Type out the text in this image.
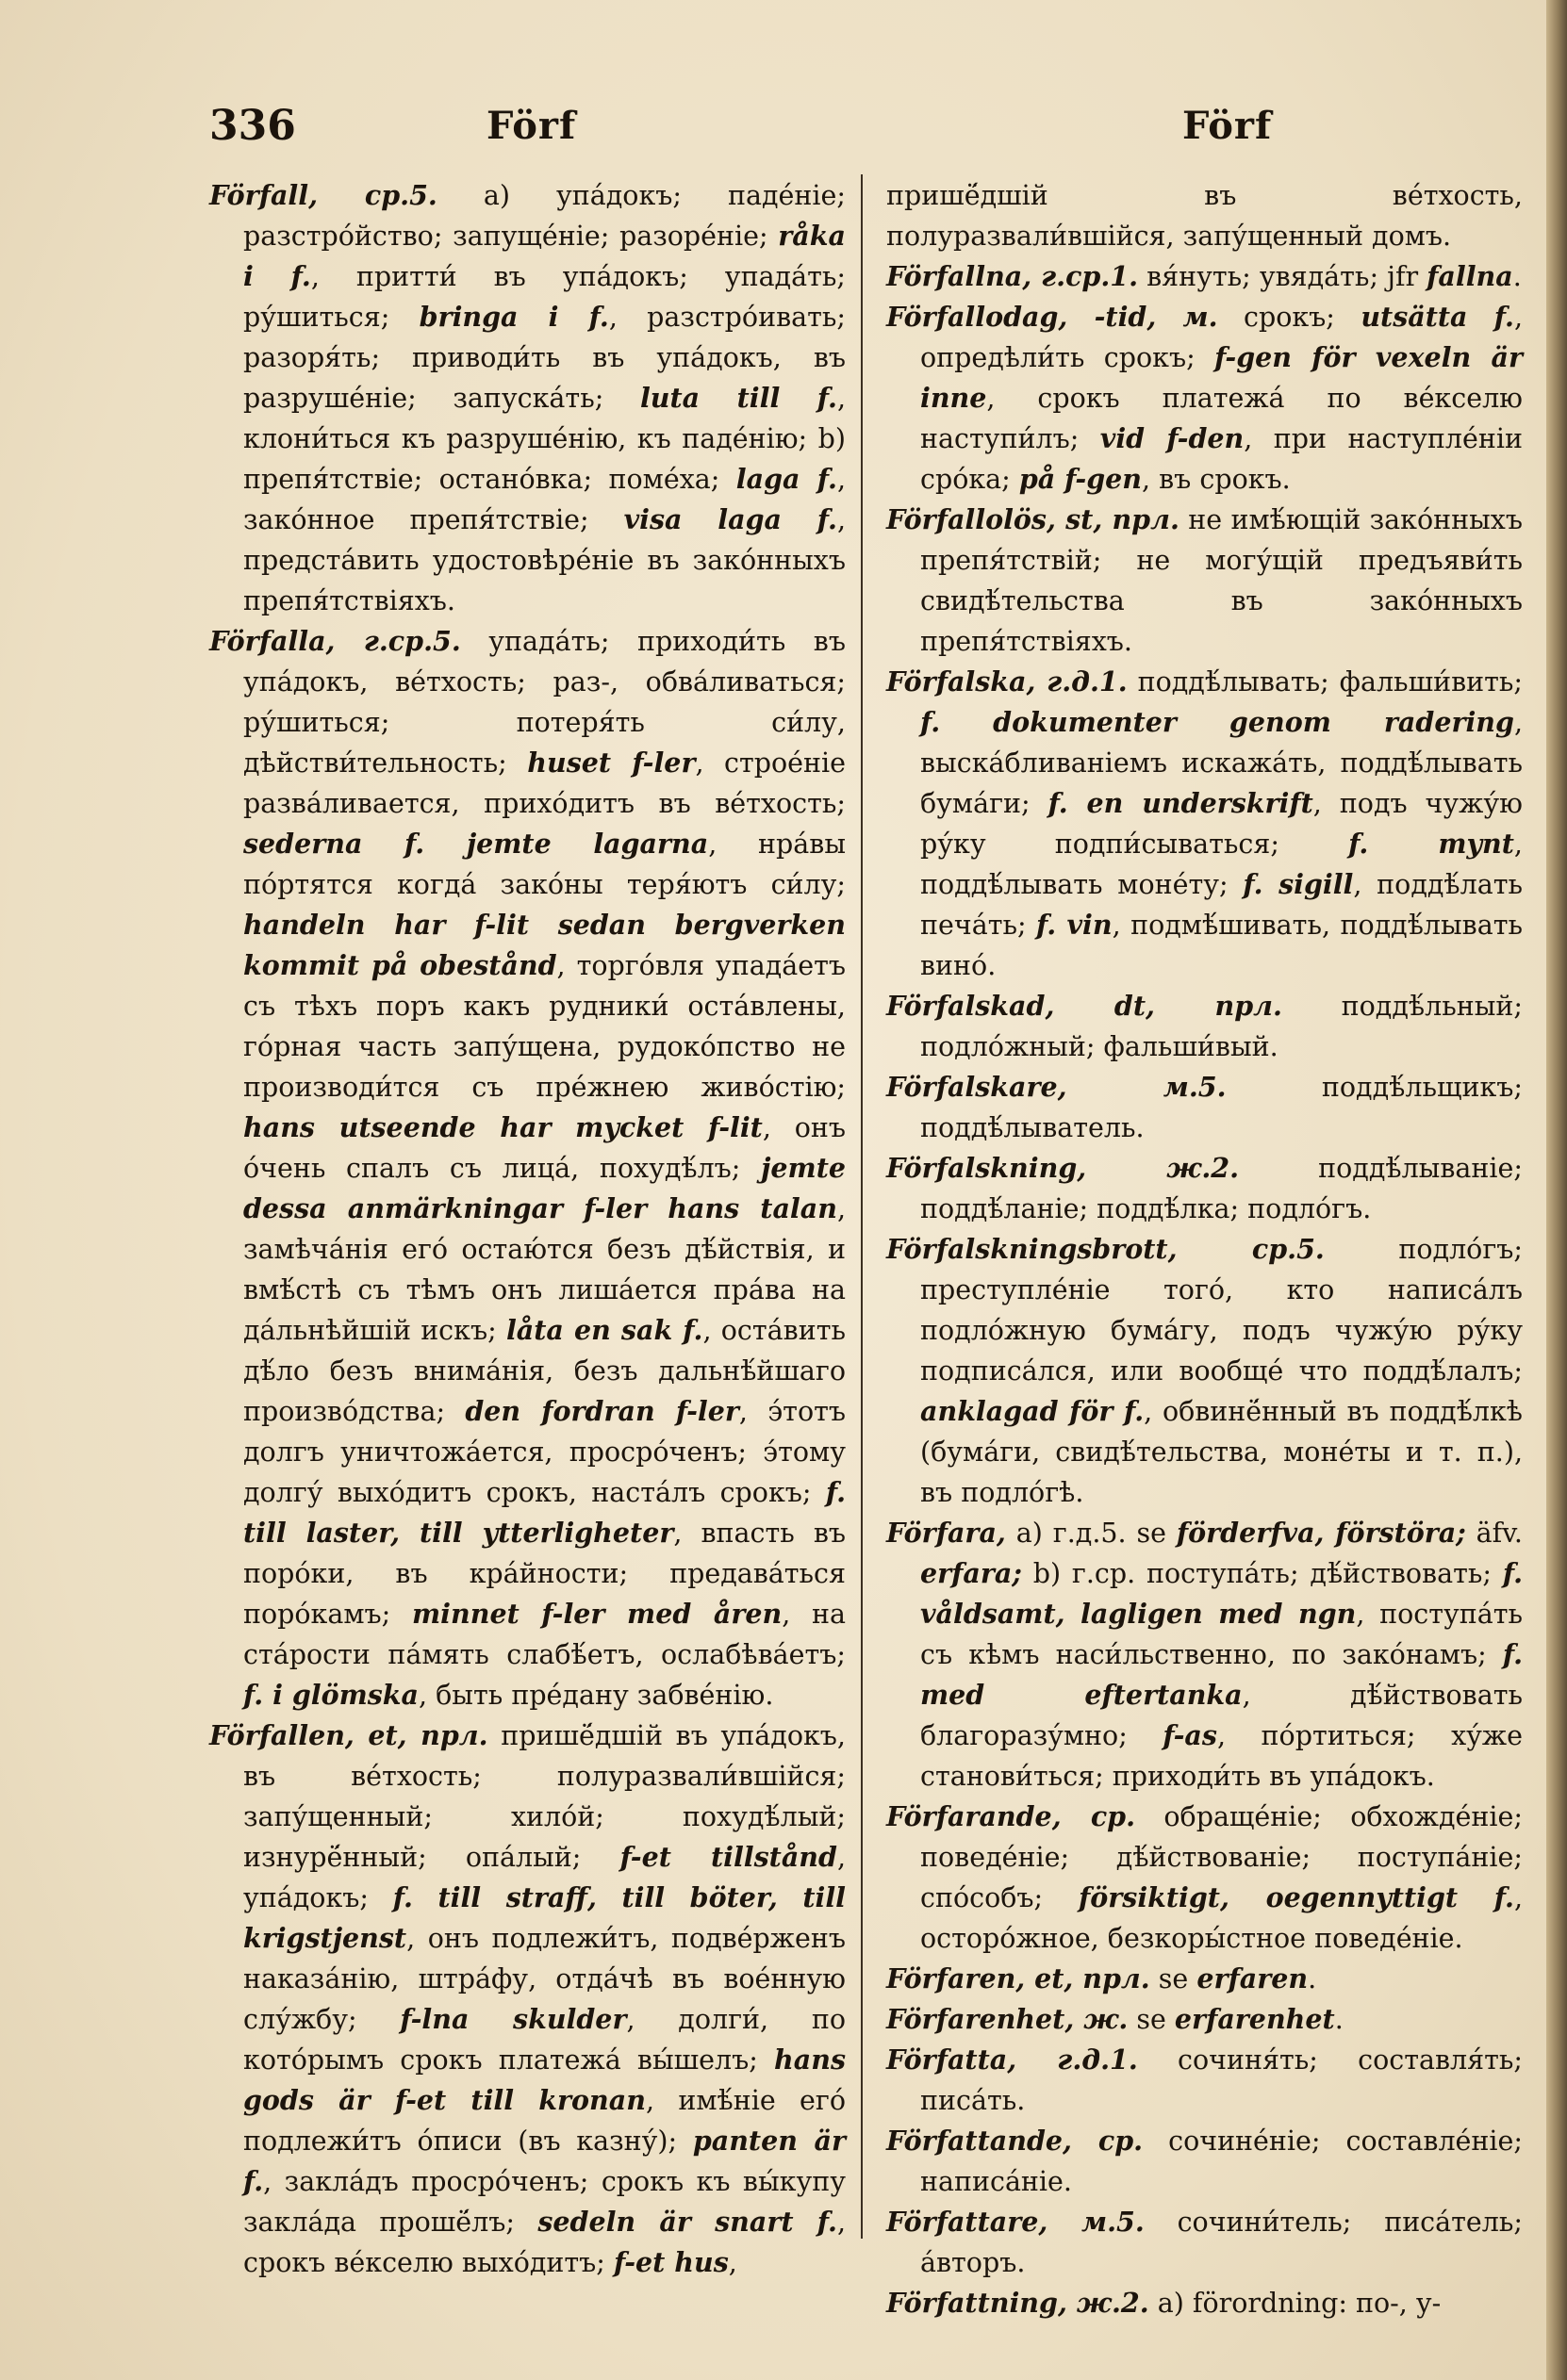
336	Förf	Förf

Förfall, ср.5. а) упа́докъ; паде́ніе; разстро́йство; запуще́ніе; разоре́ніе; råka i f., притти́ въ упа́докъ; упада́ть; ру́шиться; bringa i f., разстро́ивать; разоря́ть; приводи́ть въ упа́докъ, въ разруше́ніе; запуска́ть; luta till f., клони́ться къ разруше́нію, къ паде́нію; b) препя́тствіе; остано́вка; поме́ха; laga f., зако́нное препя́тствіе; visa laga f., предста́вить удостовѣре́ніе въ зако́нныхъ препя́тствіяхъ.

Förfalla, г.ср.5. упада́ть; приходи́ть въ упа́докъ, ве́тхость; раз-, обва́ливаться; ру́шиться; потеря́ть си́лу, дѣйстви́тельность; huset f-ler, строе́ніе разва́ливается, прихо́дитъ въ ве́тхость; sederna f. jemte lagarna, нра́вы по́ртятся когда́ зако́ны теря́ютъ си́лу; handeln har f-lit sedan bergverken kommit på obestånd, торго́вля упада́етъ съ тѣхъ поръ какъ рудники́ оста́влены, го́рная часть запу́щена, рудоко́пство не производи́тся съ пре́жнею живо́стію; hans utseende har mycket f-lit, онъ о́чень спалъ съ лица́, похудѣ́лъ; jemte dessa anmärkningar f-ler hans talan, замѣча́нія его́ остаю́тся безъ дѣ́йствія, и вмѣ́стѣ съ тѣмъ онъ лиша́ется пра́ва на да́льнѣйшій искъ; låta en sak f., оста́вить дѣ́ло безъ внима́нія, безъ дальнѣ́йшаго произво́дства; den fordran f-ler, э́тотъ долгъ уничтожа́ется, просро́ченъ; э́тому долгу́ выхо́дитъ срокъ, наста́лъ срокъ; f. till laster, till ytterligheter, впасть въ поро́ки, въ кра́йности; предава́ться поро́камъ; minnet f-ler med åren, на ста́рости па́мять слабѣ́етъ, ослабѣва́етъ; f. i glömska, быть пре́дану забве́нію.

Förfallen, et, прл. пришё́дшій въ упа́докъ, въ ве́тхость; полуразвали́вшійся; запу́щенный; хило́й; похудѣ́лый; изнурё́нный; опа́лый; f-et tillstånd, упа́докъ; f. till straff, till böter, till krigstjenst, онъ подлежи́тъ, подве́рженъ наказа́нію, штра́фу, отда́чѣ въ вое́нную слу́жбу; f-lna skulder, долги́, по кото́рымъ срокъ платежа́ вы́шелъ; hans gods är f-et till kronan, имѣ́ніе его́ подлежи́тъ о́писи (въ казну́); panten är f., закла́дъ просро́ченъ; срокъ къ вы́купу закла́да прошё́лъ; sedeln är snart f., срокъ ве́кселю выхо́дитъ; f-et hus,

пришё́дшій въ ве́тхость, полуразвали́вшійся, запу́щенный домъ.

Förfallna, г.ср.1. вя́нуть; увяда́ть; jfr fallna.

Förfallodag, -tid, м. срокъ; utsätta f., опредѣли́ть срокъ; f-gen för vexeln är inne, срокъ платежа́ по ве́кселю наступи́лъ; vid f-den, при наступле́ніи сро́ка; på f-gen, въ срокъ.

Förfallolös, st, прл. не имѣ́ющій зако́нныхъ препя́тствій; не могу́щій предъяви́ть свидѣ́тельства въ зако́нныхъ препя́тствіяхъ.

Förfalska, г.д.1. поддѣ́лывать; фальши́вить; f. dokumenter genom radering, выска́бливаніемъ искажа́ть, поддѣ́лывать бума́ги; f. en underskrift, подъ чужу́ю ру́ку подпи́сываться; f. mynt, поддѣ́лывать моне́ту; f. sigill, поддѣ́лать печа́ть; f. vin, подмѣ́шивать, поддѣ́лывать вино́.

Förfalskad, dt, прл. поддѣ́льный; подло́жный; фальши́вый.

Förfalskare, м.5. поддѣ́льщикъ; поддѣ́лыватель.

Förfalskning, ж.2. поддѣ́лываніе; поддѣ́ланіе; поддѣ́лка; подло́гъ.

Förfalskningsbrott, ср.5. подло́гъ; преступле́ніе того́, кто написа́лъ подло́жную бума́гу, подъ чужу́ю ру́ку подписа́лся, или вообще́ что поддѣ́лалъ; anklagad för f., обвинё́нный въ поддѣ́лкѣ (бума́ги, свидѣ́тельства, моне́ты и т. п.), въ подло́гѣ.

Förfara, а) г.д.5. se förderfva, förstöra; äfv. erfara; b) г.ср. поступа́ть; дѣ́йствовать; f. våldsamt, lagligen med ngn, поступа́ть съ кѣмъ наси́льственно, по зако́намъ; f. med eftertanka, дѣ́йствовать благоразу́мно; f-as, по́ртиться; ху́же станови́ться; приходи́ть въ упа́докъ.

Förfarande, ср. обраще́ніе; обхожде́ніе; поведе́ніе; дѣ́йствованіе; поступа́ніе; спо́собъ; försiktigt, oegennyttigt f., осторо́жное, безкоры́стное поведе́ніе.

Förfaren, et, прл. se erfaren.

Förfarenhet, ж. se erfarenhet.

Författa, г.д.1. сочиня́ть; составля́ть; писа́ть.

Författande, ср. сочине́ніе; составле́ніе; написа́ніе.

Författare, м.5. сочини́тель; писа́тель; а́вторъ.

Författning, ж.2. а) förordning: по-, у-
